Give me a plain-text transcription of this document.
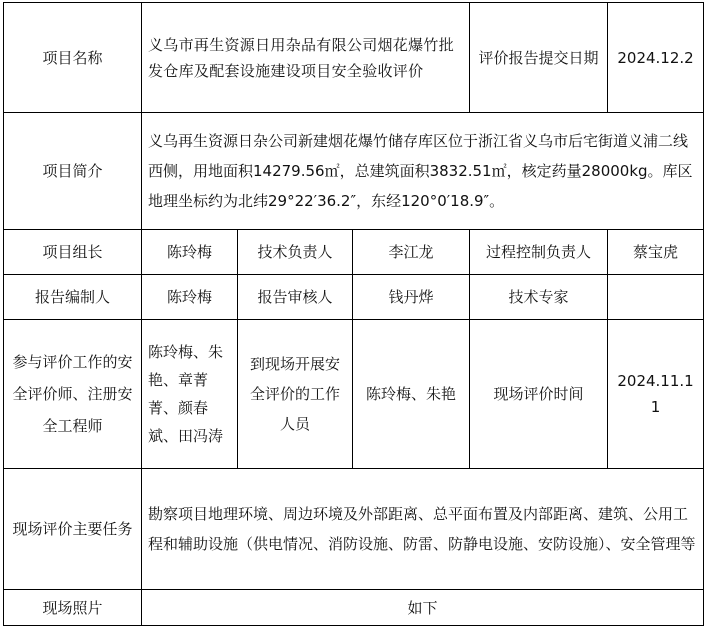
项目名称	义乌市再生资源日用杂品有限公司烟花爆竹批发仓库及配套设施建设项目安全验收评价			评价报告提交日期	2024.12.2
项目简介	义乌再生资源日杂公司新建烟花爆竹储存库区位于浙江省义乌市后宅街道义浦二线西侧，用地面积14279.56㎡，总建筑面积3832.51㎡，核定药量28000kg。库区地理坐标约为北纬29°22′36.2″，东经120°0′18.9″。				
项目组长	陈玲梅	技术负责人	李江龙	过程控制负责人	蔡宝虎
报告编制人	陈玲梅	报告审核人	钱丹烨	技术专家	
参与评价工作的安全评价师、注册安全工程师	陈玲梅、朱艳、章菁菁、颜春斌、田冯涛	到现场开展安全评价的工作人员	陈玲梅、朱艳	现场评价时间	2024.11.11
现场评价主要任务	勘察项目地理环境、周边环境及外部距离、总平面布置及内部距离、建筑、公用工程和辅助设施（供电情况、消防设施、防雷、防静电设施、安防设施）、安全管理等				
现场照片	如下				
